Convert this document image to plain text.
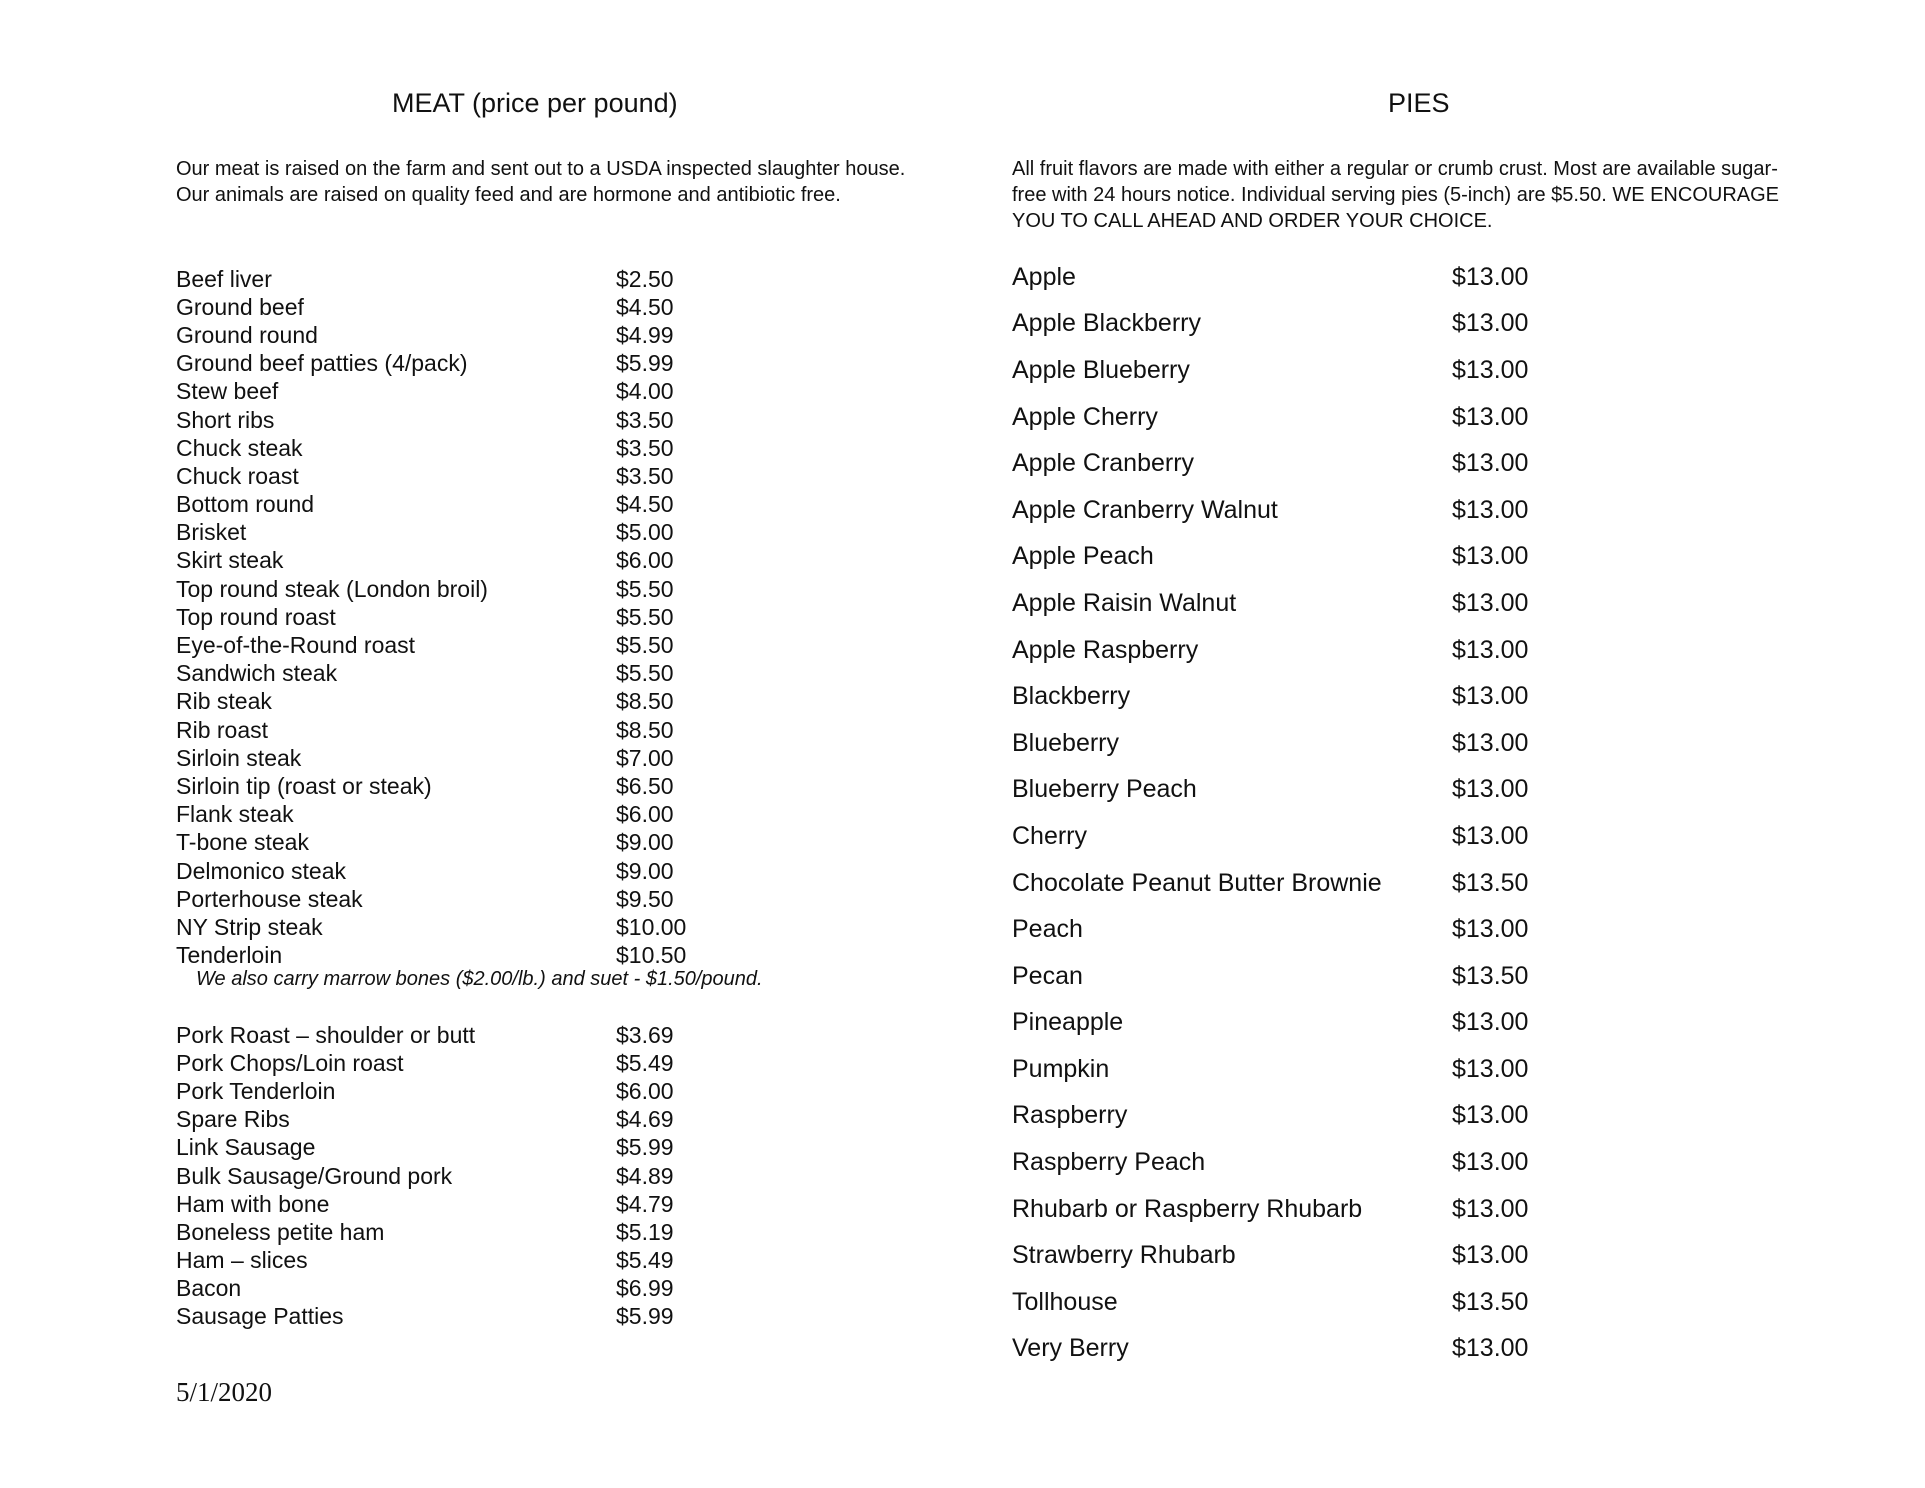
MEAT (price per pound)

Our meat is raised on the farm and sent out to a USDA inspected slaughter house. Our animals are raised on quality feed and are hormone and antibiotic free.

Beef liver	$2.50
Ground beef	$4.50
Ground round	$4.99
Ground beef patties (4/pack)	$5.99
Stew beef	$4.00
Short ribs	$3.50
Chuck steak	$3.50
Chuck roast	$3.50
Bottom round	$4.50
Brisket	$5.00
Skirt steak	$6.00
Top round steak (London broil)	$5.50
Top round roast	$5.50
Eye-of-the-Round roast	$5.50
Sandwich steak	$5.50
Rib steak	$8.50
Rib roast	$8.50
Sirloin steak	$7.00
Sirloin tip (roast or steak)	$6.50
Flank steak	$6.00
T-bone steak	$9.00
Delmonico steak	$9.00
Porterhouse steak	$9.50
NY Strip steak	$10.00
Tenderloin	$10.50

We also carry marrow bones ($2.00/lb.) and suet - $1.50/pound.

Pork Roast – shoulder or butt	$3.69
Pork Chops/Loin roast	$5.49
Pork Tenderloin	$6.00
Spare Ribs	$4.69
Link Sausage	$5.99
Bulk Sausage/Ground pork	$4.89
Ham with bone	$4.79
Boneless petite ham	$5.19
Ham – slices	$5.49
Bacon	$6.99
Sausage Patties	$5.99
PIES

All fruit flavors are made with either a regular or crumb crust. Most are available sugar-free with 24 hours notice. Individual serving pies (5-inch) are $5.50. WE ENCOURAGE YOU TO CALL AHEAD AND ORDER YOUR CHOICE.

Apple	$13.00
Apple Blackberry	$13.00
Apple Blueberry	$13.00
Apple Cherry	$13.00
Apple Cranberry	$13.00
Apple Cranberry Walnut	$13.00
Apple Peach	$13.00
Apple Raisin Walnut	$13.00
Apple Raspberry	$13.00
Blackberry	$13.00
Blueberry	$13.00
Blueberry Peach	$13.00
Cherry	$13.00
Chocolate Peanut Butter Brownie	$13.50
Peach	$13.00
Pecan	$13.50
Pineapple	$13.00
Pumpkin	$13.00
Raspberry	$13.00
Raspberry Peach	$13.00
Rhubarb or Raspberry Rhubarb	$13.00
Strawberry Rhubarb	$13.00
Tollhouse	$13.50
Very Berry	$13.00

5/1/2020
